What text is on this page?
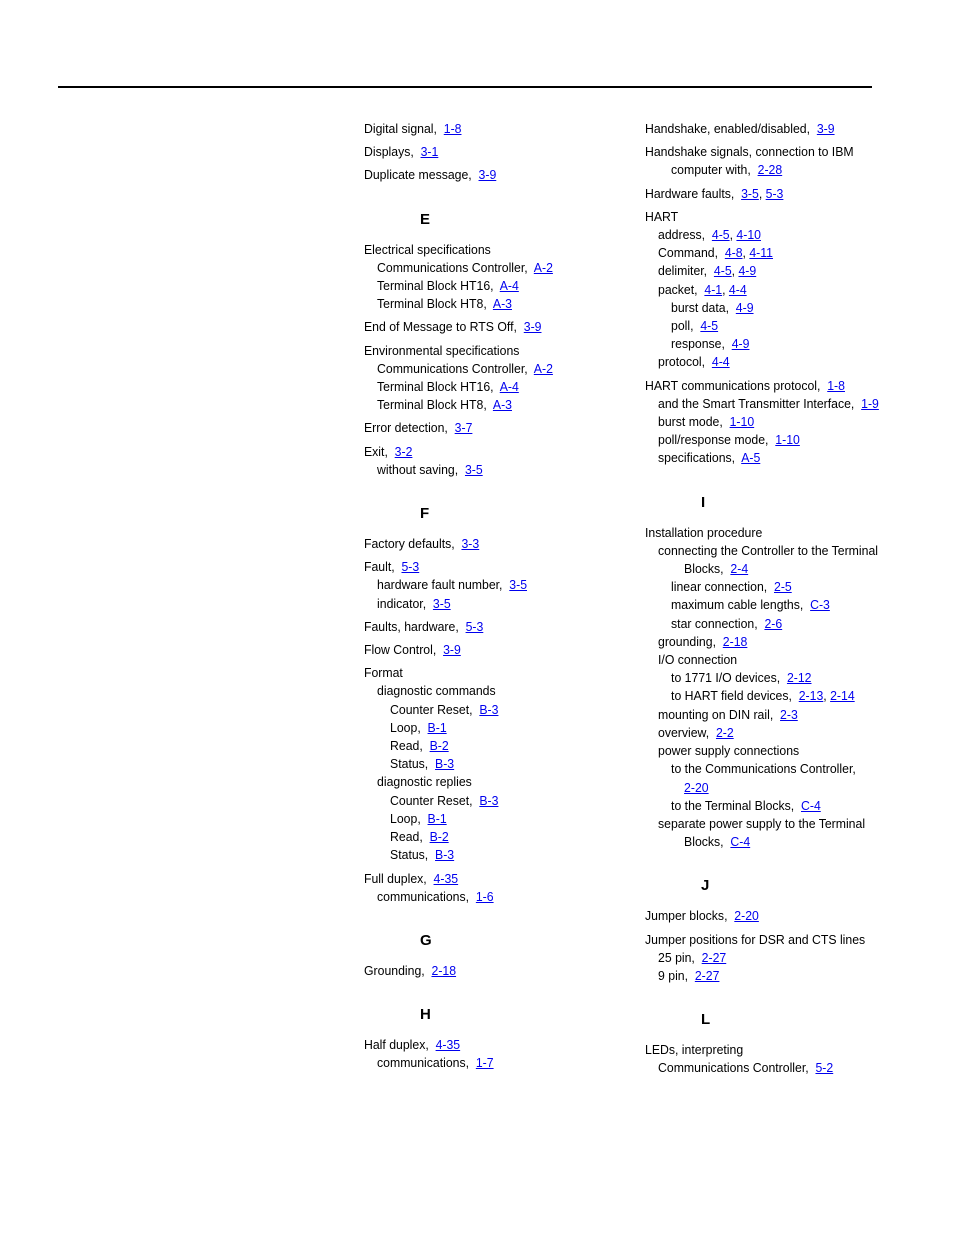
Digital signal, 1-8
Displays, 3-1
Duplicate message, 3-9
E
Electrical specifications
Communications Controller, A-2
Terminal Block HT16, A-4
Terminal Block HT8, A-3
End of Message to RTS Off, 3-9
Environmental specifications
Communications Controller, A-2
Terminal Block HT16, A-4
Terminal Block HT8, A-3
Error detection, 3-7
Exit, 3-2
without saving, 3-5
F
Factory defaults, 3-3
Fault, 5-3
hardware fault number, 3-5
indicator, 3-5
Faults, hardware, 5-3
Flow Control, 3-9
Format
diagnostic commands
Counter Reset, B-3
Loop, B-1
Read, B-2
Status, B-3
diagnostic replies
Counter Reset, B-3
Loop, B-1
Read, B-2
Status, B-3
Full duplex, 4-35
communications, 1-6
G
Grounding, 2-18
H
Half duplex, 4-35
communications, 1-7
Handshake, enabled/disabled, 3-9
Handshake signals, connection to IBM
computer with, 2-28
Hardware faults, 3-5, 5-3
HART
address, 4-5, 4-10
Command, 4-8, 4-11
delimiter, 4-5, 4-9
packet, 4-1, 4-4
burst data, 4-9
poll, 4-5
response, 4-9
protocol, 4-4
HART communications protocol, 1-8
and the Smart Transmitter Interface, 1-9
burst mode, 1-10
poll/response mode, 1-10
specifications, A-5
I
Installation procedure
connecting the Controller to the Terminal
Blocks, 2-4
linear connection, 2-5
maximum cable lengths, C-3
star connection, 2-6
grounding, 2-18
I/O connection
to 1771 I/O devices, 2-12
to HART field devices, 2-13, 2-14
mounting on DIN rail, 2-3
overview, 2-2
power supply connections
to the Communications Controller,
2-20
to the Terminal Blocks, C-4
separate power supply to the Terminal
Blocks, C-4
J
Jumper blocks, 2-20
Jumper positions for DSR and CTS lines
25 pin, 2-27
9 pin, 2-27
L
LEDs, interpreting
Communications Controller, 5-2
